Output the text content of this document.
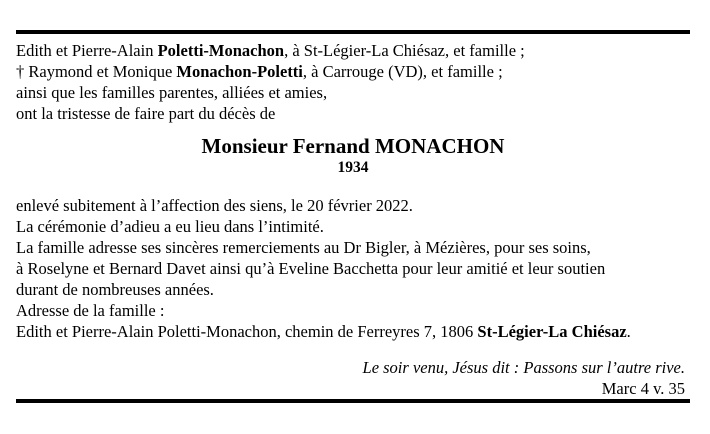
Edith et Pierre-Alain Poletti-Monachon, à St-Légier-La Chiésaz, et famille ;
† Raymond et Monique Monachon-Poletti, à Carrouge (VD), et famille ;
ainsi que les familles parentes, alliées et amies,
ont la tristesse de faire part du décès de
Monsieur Fernand MONACHON
1934
enlevé subitement à l’affection des siens, le 20 février 2022.
La cérémonie d’adieu a eu lieu dans l’intimité.
La famille adresse ses sincères remerciements au Dr Bigler, à Mézières, pour ses soins,
à Roselyne et Bernard Davet ainsi qu’à Eveline Bacchetta pour leur amitié et leur soutien
durant de nombreuses années.
Adresse de la famille :
Edith et Pierre-Alain Poletti-Monachon, chemin de Ferreyres 7, 1806 St-Légier-La Chiésaz.
Le soir venu, Jésus dit : Passons sur l’autre rive.
Marc 4 v. 35
